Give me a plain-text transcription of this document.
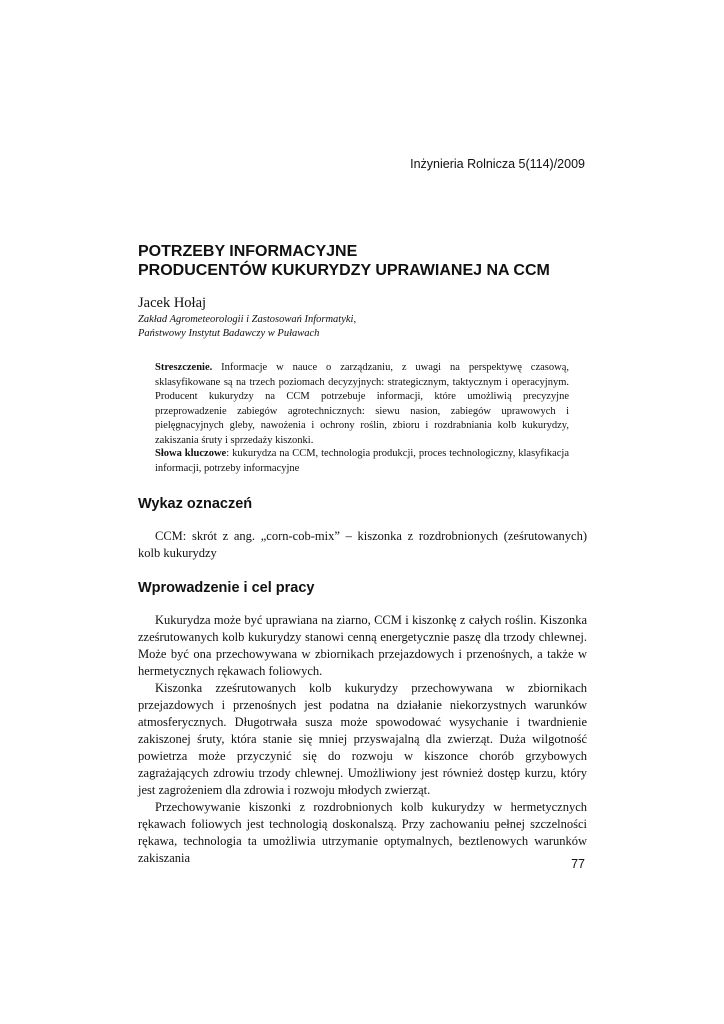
Inżynieria Rolnicza 5(114)/2009
POTRZEBY INFORMACYJNE
PRODUCENTÓW KUKURYDZY UPRAWIANEJ NA CCM
Jacek Hołaj
Zakład Agrometeorologii i Zastosowań Informatyki,
Państwowy Instytut Badawczy w Puławach

Streszczenie. Informacje w nauce o zarządzaniu, z uwagi na perspektywę czasową, sklasyfikowane są na trzech poziomach decyzyjnych: strategicznym, taktycznym i operacyjnym. Producent kukurydzy na CCM potrzebuje informacji, które umożliwią precyzyjne przeprowadzenie zabiegów agrotechnicznych: siewu nasion, zabiegów uprawowych i pielęgnacyjnych gleby, nawożenia i ochrony roślin, zbioru i rozdrabniania kolb kukurydzy, zakiszania śruty i sprzedaży kiszonki.

Słowa kluczowe: kukurydza na CCM, technologia produkcji, proces technologiczny, klasyfikacja informacji, potrzeby informacyjne

Wykaz oznaczeń

CCM: skrót z ang. „corn-cob-mix” – kiszonka z rozdrobnionych (ześrutowanych) kolb kukurydzy

Wprowadzenie i cel pracy
Kukurydza może być uprawiana na ziarno, CCM i kiszonkę z całych roślin. Kiszonka zześrutowanych kolb kukurydzy stanowi cenną energetycznie paszę dla trzody chlewnej. Może być ona przechowywana w zbiornikach przejazdowych i przenośnych, a także w hermetycznych rękawach foliowych.
Kiszonka zześrutowanych kolb kukurydzy przechowywana w zbiornikach przejazdowych i przenośnych jest podatna na działanie niekorzystnych warunków atmosferycznych. Długotrwała susza może spowodować wysychanie i twardnienie zakiszonej śruty, która stanie się mniej przyswajalną dla zwierząt. Duża wilgotność powietrza może przyczynić się do rozwoju w kiszonce chorób grzybowych zagrażających zdrowiu trzody chlewnej. Umożliwiony jest również dostęp kurzu, który jest zagrożeniem dla zdrowia i rozwoju młodych zwierząt.
Przechowywanie kiszonki z rozdrobnionych kolb kukurydzy w hermetycznych rękawach foliowych jest technologią doskonalszą. Przy zachowaniu pełnej szczelności rękawa, technologia ta umożliwia utrzymanie optymalnych, beztlenowych warunków zakiszania	77
